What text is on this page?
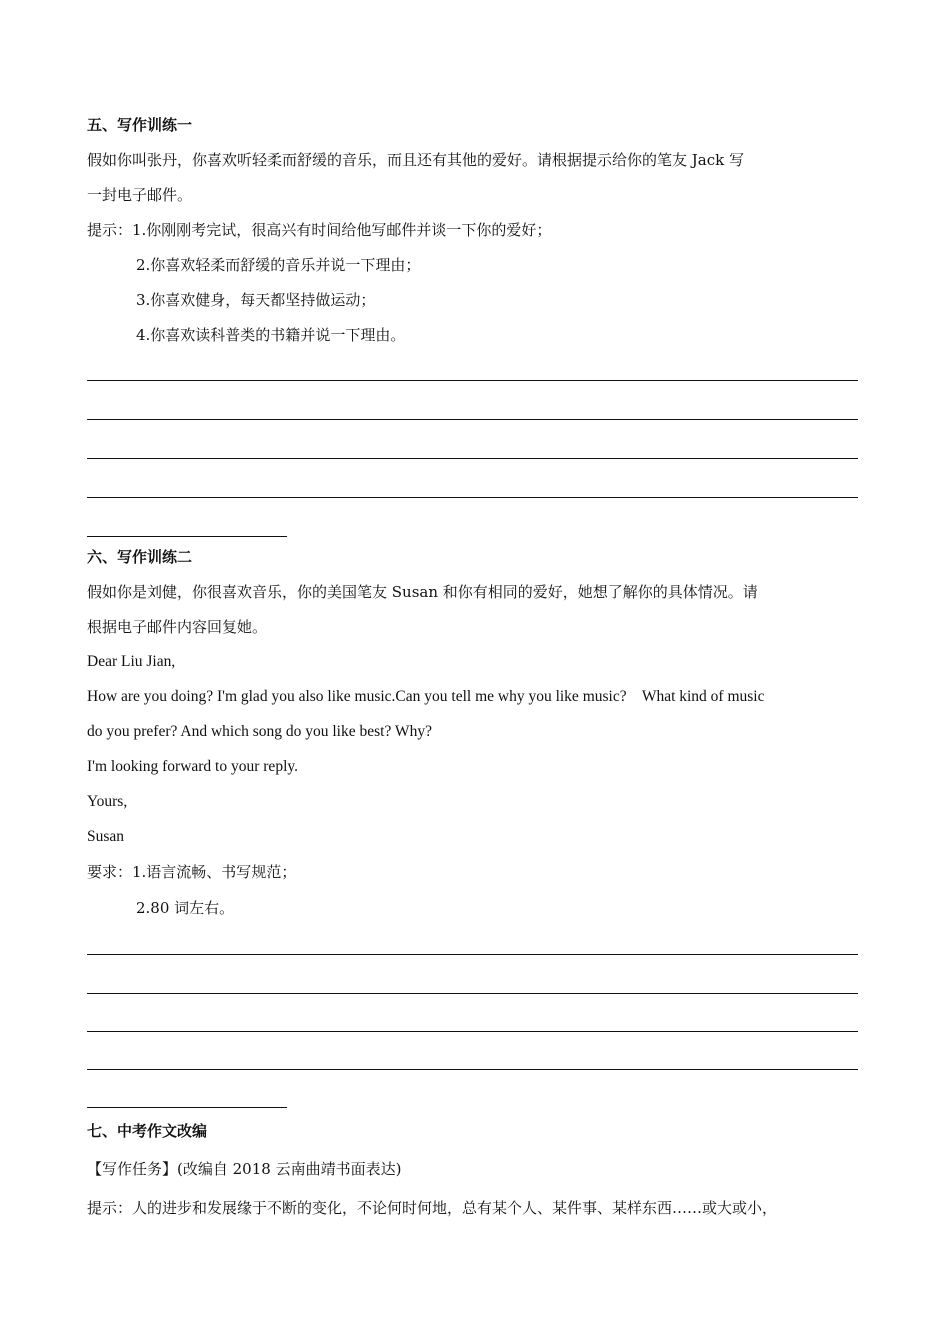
五、写作训练一
假如你叫张丹，你喜欢听轻柔而舒缓的音乐，而且还有其他的爱好。请根据提示给你的笔友 Jack 写
一封电子邮件。
提示：1.你刚刚考完试，很高兴有时间给他写邮件并谈一下你的爱好；
2.你喜欢轻柔而舒缓的音乐并说一下理由；
3.你喜欢健身，每天都坚持做运动；
4.你喜欢读科普类的书籍并说一下理由。
六、写作训练二
假如你是刘健，你很喜欢音乐，你的美国笔友 Susan 和你有相同的爱好，她想了解你的具体情况。请
根据电子邮件内容回复她。
Dear Liu Jian,
How are you doing? I'm glad you also like music.Can you tell me why you like music?    What kind of music
do you prefer? And which song do you like best? Why?
I'm looking forward to your reply.
Yours,
Susan
要求：1.语言流畅、书写规范；
2.80 词左右。
七、中考作文改编
【写作任务】(改编自 2018 云南曲靖书面表达)
提示：人的进步和发展缘于不断的变化，不论何时何地，总有某个人、某件事、某样东西……或大或小，
